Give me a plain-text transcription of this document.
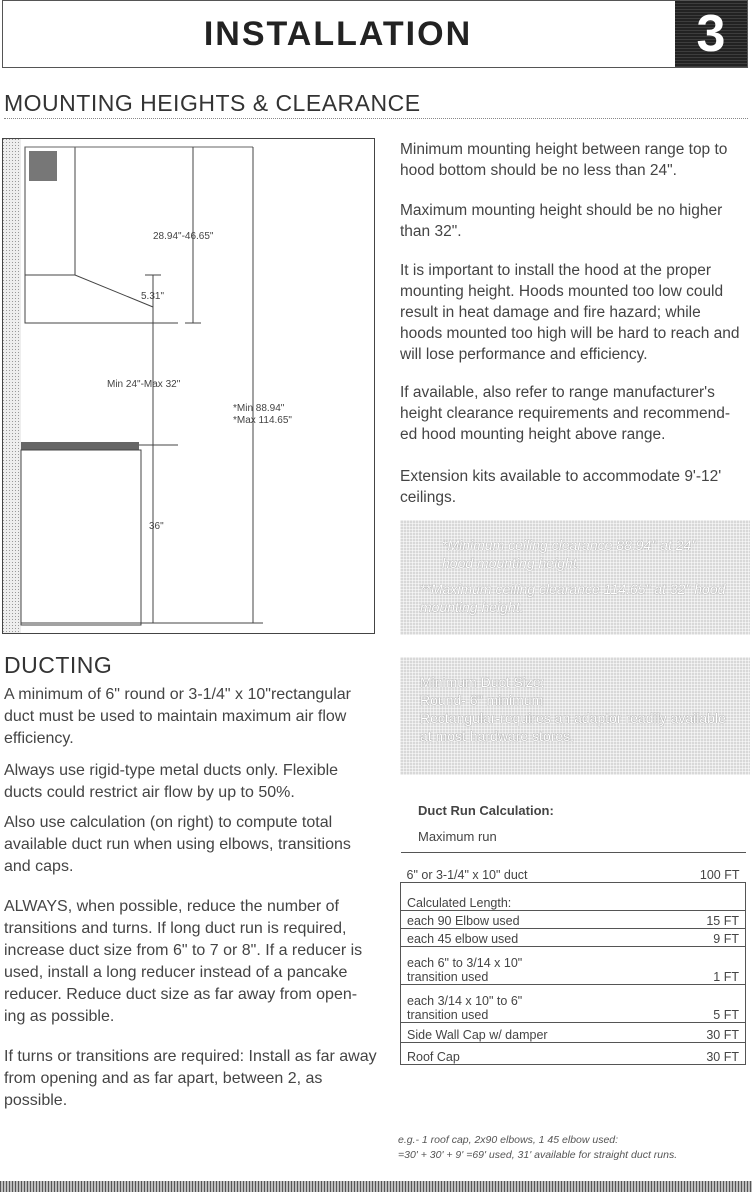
INSTALLATION	3
MOUNTING HEIGHTS & CLEARANCE
28.94"-46.65"
5.31"
Min 24"-Max 32"
*Min 88.94"
*Max 114.65"
36"

Minimum mounting height between range top to hood bottom should be no less than 24".

Maximum mounting height should be no higher than 32".

It is important to install the hood at the proper mounting height. Hoods mounted too low could result in heat damage and fire hazard; while hoods mounted too high will be hard to reach and will lose performance and efficiency.

If available, also refer to range manufacturer's height clearance requirements and recommend-ed hood mounting height above range.

Extension kits available to accommodate 9'-12' ceilings.

*Minimum ceiling clearance 88.94" at 24" hood mounting height.
**Maximum ceiling clearance 114.65" at 32" hood mounting height.
DUCTING

A minimum of 6" round or 3-1/4" x 10"rectangular duct must be used to maintain maximum air flow efficiency.

Always use rigid-type metal ducts only. Flexible ducts could restrict air flow by up to 50%.

Also use calculation (on right) to compute total available duct run when using elbows, transitions and caps.

ALWAYS, when possible, reduce the number of transitions and turns. If long duct run is required, increase duct size from 6" to 7 or 8". If a reducer is used, install a long reducer instead of a pancake reducer. Reduce duct size as far away from open-ing as possible.

If turns or transitions are required: Install as far away from opening and as far apart, between 2, as possible.

Minimum Duct Size:
Round- 6" minimum
Rectangular-requires an adaptor readily available at most hardware stores.
Duct Run Calculation:
Maximum run
6" or 3-1/4" x 10" duct	100 FT
Calculated Length:	
each 90 Elbow used	15 FT
each 45 elbow used	9 FT

each 6" to 3/14 x 10"
transition used	1 FT

each 3/14 x 10" to 6"
transition used	5 FT
Side Wall Cap w/ damper	30 FT
Roof Cap	30 FT
e.g.- 1 roof cap, 2x90 elbows, 1 45 elbow used:
=30' + 30' + 9' =69' used, 31' available for straight duct runs.
